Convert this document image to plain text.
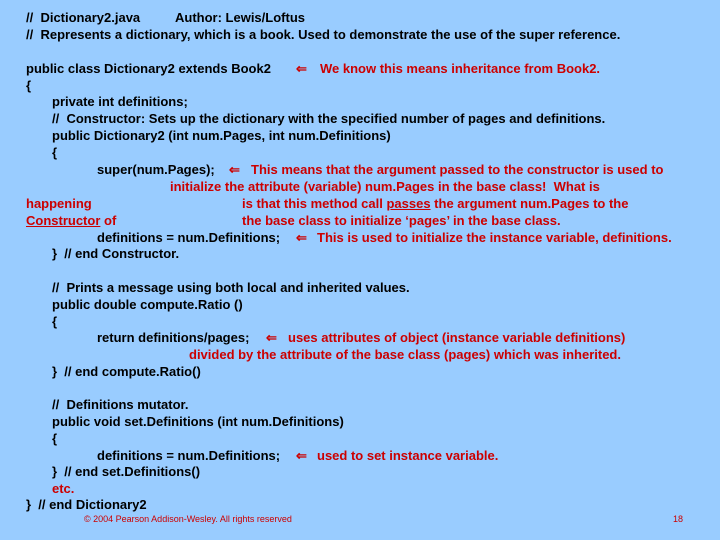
//  Dictionary2.java	Author: Lewis/Loftus
//  Represents a dictionary, which is a book. Used to demonstrate the use of the super reference.
public class Dictionary2 extends Book2 ⇐ We know this means inheritance from Book2.
{
private int definitions;
//  Constructor: Sets up the dictionary with the specified number of pages and definitions.
public Dictionary2 (int num.Pages, int num.Definitions)
{
super(num.Pages); ⇐ This means that the argument passed to the constructor is used to
initialize the attribute (variable) num.Pages in the base class!  What is
happening	is that this method call passes the argument num.Pages to the
Constructor of	the base class to initialize ‘pages’ in the base class.
definitions = num.Definitions; ⇐ This is used to initialize the instance variable, definitions.
}  // end Constructor.
//  Prints a message using both local and inherited values.
public double compute.Ratio ()
{
return definitions/pages; ⇐ uses attributes of object (instance variable definitions)
divided by the attribute of the base class (pages) which was inherited.
}  // end compute.Ratio()
//  Definitions mutator.
public void set.Definitions (int num.Definitions)
{
definitions = num.Definitions; ⇐ used to set instance variable.
}  // end set.Definitions()
etc.
}  // end Dictionary2
© 2004 Pearson Addison-Wesley. All rights reserved	18
